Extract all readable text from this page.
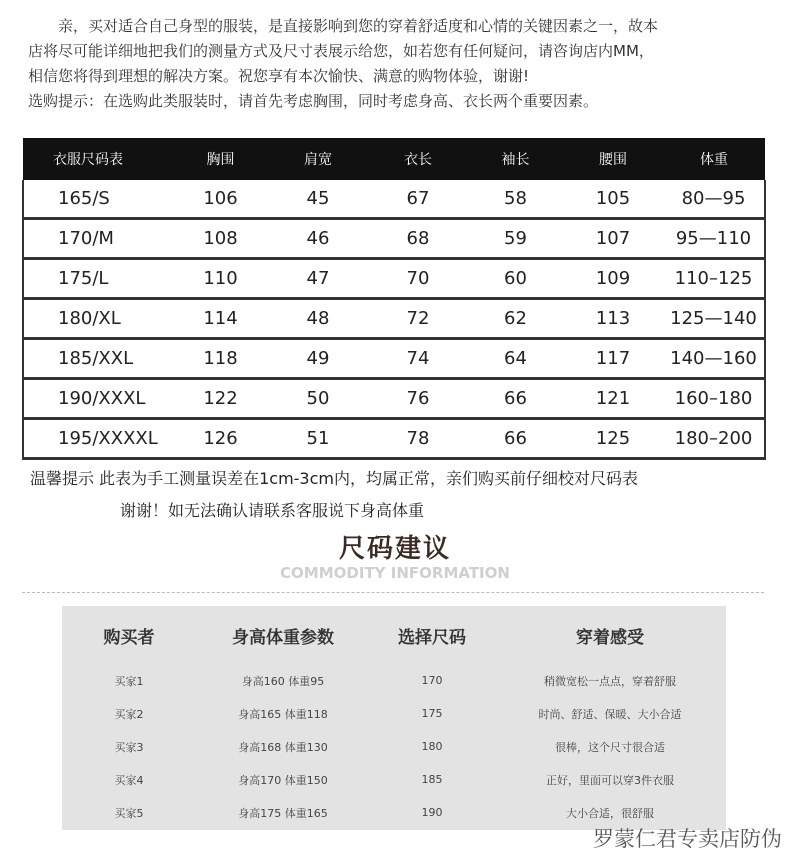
亲，买对适合自己身型的服装，是直接影响到您的穿着舒适度和心情的关键因素之一，故本

店将尽可能详细地把我们的测量方式及尺寸表展示给您，如若您有任何疑问，请咨询店内MM，

相信您将得到理想的解决方案。祝您享有本次愉快、满意的购物体验，谢谢!

选购提示：在选购此类服装时，请首先考虑胸围，同时考虑身高、衣长两个重要因素。

衣服尺码表	胸围	肩宽	衣长	袖长	腰围	体重
165/S	106	45	67	58	105	80—95
170/M	108	46	68	59	107	95—110
175/L	110	47	70	60	109	110–125
180/XL	114	48	72	62	113	125—140
185/XXL	118	49	74	64	117	140—160
190/XXXL	122	50	76	66	121	160–180
195/XXXXL	126	51	78	66	125	180–200
温馨提示 此表为手工测量误差在1cm-3cm内，均属正常，亲们购买前仔细校对尺码表
谢谢！如无法确认请联系客服说下身高体重
尺码建议
COMMODITY INFORMATION
购买者	身高体重参数	选择尺码	穿着感受
买家1	身高160 体重95	170	稍微宽松一点点，穿着舒服
买家2	身高165 体重118	175	时尚、舒适、保暖、大小合适
买家3	身高168 体重130	180	很棒，这个尺寸很合适
买家4	身高170 体重150	185	正好，里面可以穿3件衣服
买家5	身高175 体重165	190	大小合适，很舒服
罗蒙仁君专卖店防伪
